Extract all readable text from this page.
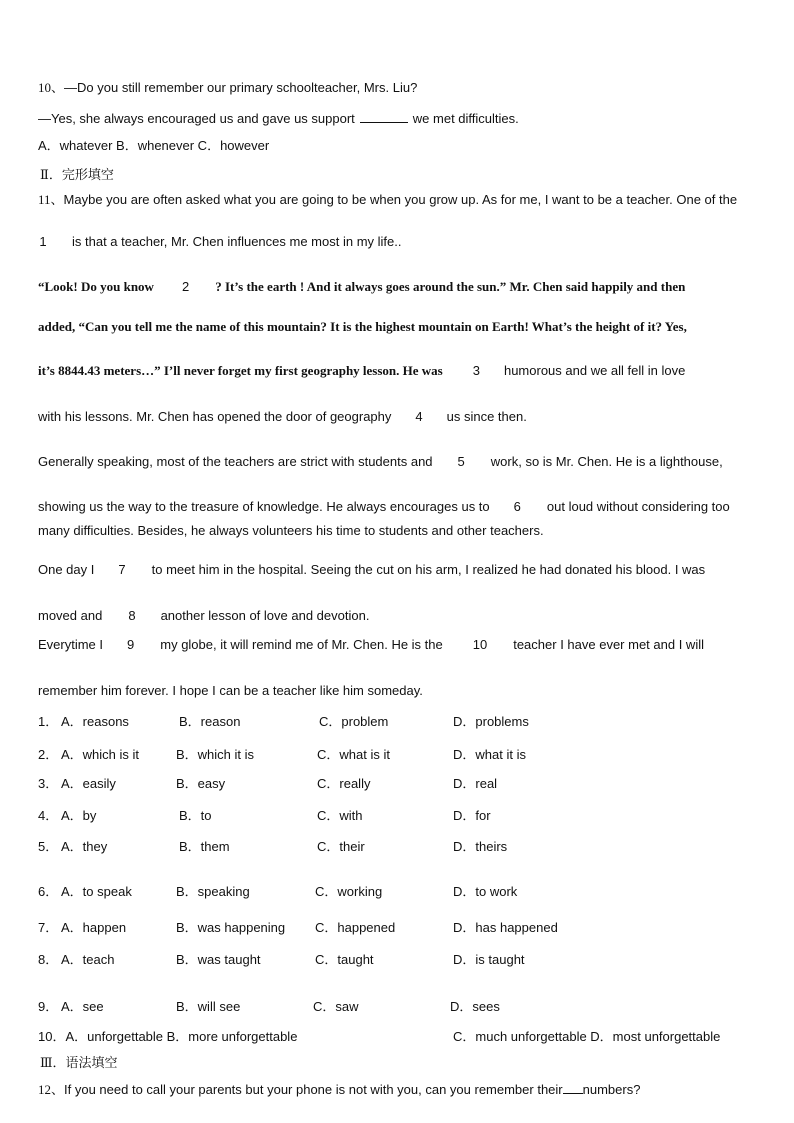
10、—Do you still remember our primary schoolteacher, Mrs. Liu?
—Yes, she always encouraged us and gave us support	we met difficulties.
A．whatever B．whenever C．however
Ⅱ．完形填空
11、Maybe you are often asked what you are going to be when you grow up. As for me, I want to be a teacher. One of the
1 is that a teacher, Mr. Chen influences me most in my life..
“Look! Do you know 2 ? It’s the earth ! And it always goes around the sun.” Mr. Chen said happily and then
added, “Can you tell me the name of this mountain? It is the highest mountain on Earth! What’s the height of it? Yes,
it’s 8844.43 meters…” I’ll never forget my first geography lesson. He was 3 humorous and we all fell in love
with his lessons. Mr. Chen has opened the door of geography 4 us since then.
Generally speaking, most of the teachers are strict with students and 5 work, so is Mr. Chen. He is a lighthouse,
showing us the way to the treasure of knowledge. He always encourages us to 6 out loud without considering too
many difficulties. Besides, he always volunteers his time to students and other teachers.
One day I 7 to meet him in the hospital. Seeing the cut on his arm, I realized he had donated his blood. I was
moved and 8 another lesson of love and devotion.
Everytime I 9 my globe, it will remind me of Mr. Chen. He is the 10 teacher I have ever met and I will
remember him forever. I hope I can be a teacher like him someday.
1． A．reasons	B．reason	C．problem	D．problems
2． A．which is it	B．which it is	C．what is it	D．what it is
3． A．easily	B．easy	C．really	D．real
4． A．by	B．to	C．with	D．for
5． A．they	B．them	C．their	D．theirs
6． A．to speak	B．speaking	C．working	D．to work
7． A．happen	B．was happening C．happened	D．has happened
8． A．teach	B．was taught	C．taught	D．is taught
9． A．see	B．will see	C．saw	D．sees
10．A．unforgettable B．more unforgettable	C．much unforgettable D．most unforgettable
Ⅲ．语法填空
12、If you need to call your parents but your phone is not with you, can you remember their numbers?
